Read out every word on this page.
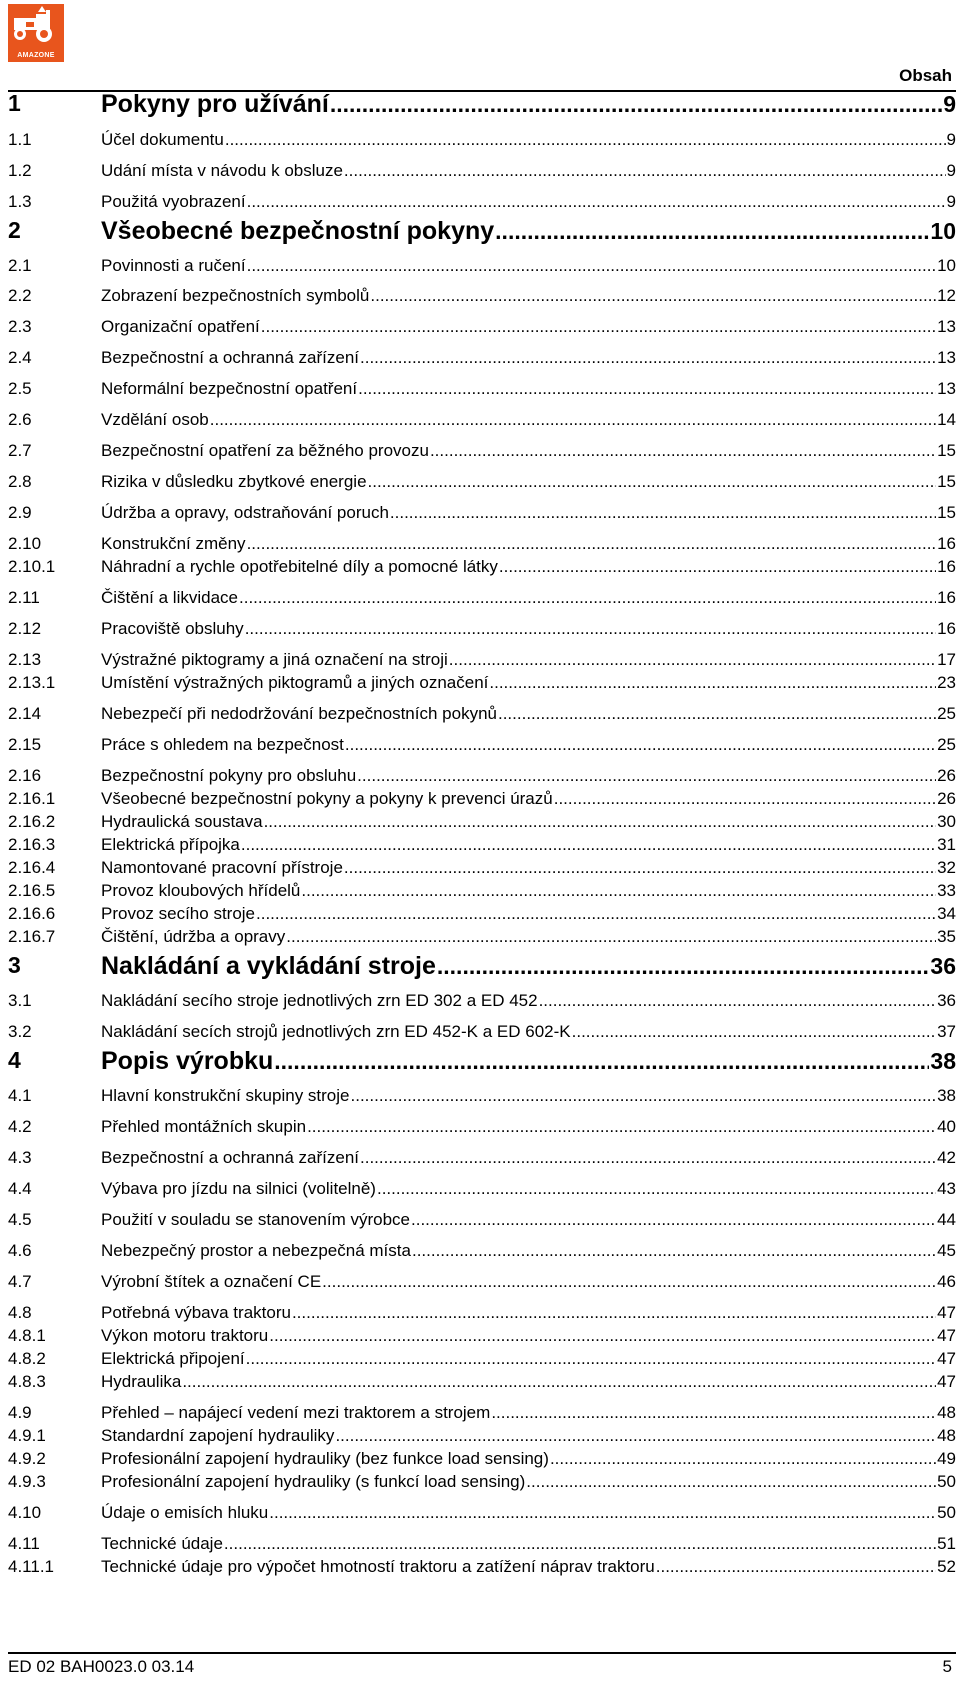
AMAZONE
Obsah
1	Pokyny pro užívání .....	9
1.1	Účel dokumentu .....	9
1.2	Udání místa v návodu k obsluze .....	9
1.3	Použitá vyobrazení .....	9
2	Všeobecné bezpečnostní pokyny .....	10
2.1	Povinnosti a ručení .....	10
2.2	Zobrazení bezpečnostních symbolů .....	12
2.3	Organizační opatření .....	13
2.4	Bezpečnostní a ochranná zařízení .....	13
2.5	Neformální bezpečnostní opatření .....	13
2.6	Vzdělání osob .....	14
2.7	Bezpečnostní opatření za běžného provozu .....	15
2.8	Rizika v důsledku zbytkové energie .....	15
2.9	Údržba a opravy, odstraňování poruch .....	15
2.10	Konstrukční změny .....	16
2.10.1	Náhradní a rychle opotřebitelné díly a pomocné látky .....	16
2.11	Čištění a likvidace .....	16
2.12	Pracoviště obsluhy .....	16
2.13	Výstražné piktogramy a jiná označení na stroji .....	17
2.13.1	Umístění výstražných piktogramů a jiných označení .....	23
2.14	Nebezpečí při nedodržování bezpečnostních pokynů .....	25
2.15	Práce s ohledem na bezpečnost .....	25
2.16	Bezpečnostní pokyny pro obsluhu .....	26
2.16.1	Všeobecné bezpečnostní pokyny a pokyny k prevenci úrazů .....	26
2.16.2	Hydraulická soustava .....	30
2.16.3	Elektrická přípojka .....	31
2.16.4	Namontované pracovní přístroje .....	32
2.16.5	Provoz kloubových hřídelů .....	33
2.16.6	Provoz secího stroje .....	34
2.16.7	Čištění, údržba a opravy .....	35
3	Nakládání a vykládání stroje .....	36
3.1	Nakládání secího stroje jednotlivých zrn ED 302 a ED 452 .....	36
3.2	Nakládání secích strojů jednotlivých zrn ED 452-K a ED 602-K .....	37
4	Popis výrobku .....	38
4.1	Hlavní konstrukční skupiny stroje .....	38
4.2	Přehled montážních skupin .....	40
4.3	Bezpečnostní a ochranná zařízení .....	42
4.4	Výbava pro jízdu na silnici (volitelně) .....	43
4.5	Použití v souladu se stanovením výrobce .....	44
4.6	Nebezpečný prostor a nebezpečná místa .....	45
4.7	Výrobní štítek a označení CE .....	46
4.8	Potřebná výbava traktoru .....	47
4.8.1	Výkon motoru traktoru .....	47
4.8.2	Elektrická připojení .....	47
4.8.3	Hydraulika .....	47
4.9	Přehled – napájecí vedení mezi traktorem a strojem .....	48
4.9.1	Standardní zapojení hydrauliky .....	48
4.9.2	Profesionální zapojení hydrauliky (bez funkce load sensing) .....	49
4.9.3	Profesionální zapojení hydrauliky (s funkcí load sensing) .....	50
4.10	Údaje o emisích hluku .....	50
4.11	Technické údaje .....	51
4.11.1	Technické údaje pro výpočet hmotností traktoru a zatížení náprav traktoru .....	52
ED 02 BAH0023.0 03.14	5
